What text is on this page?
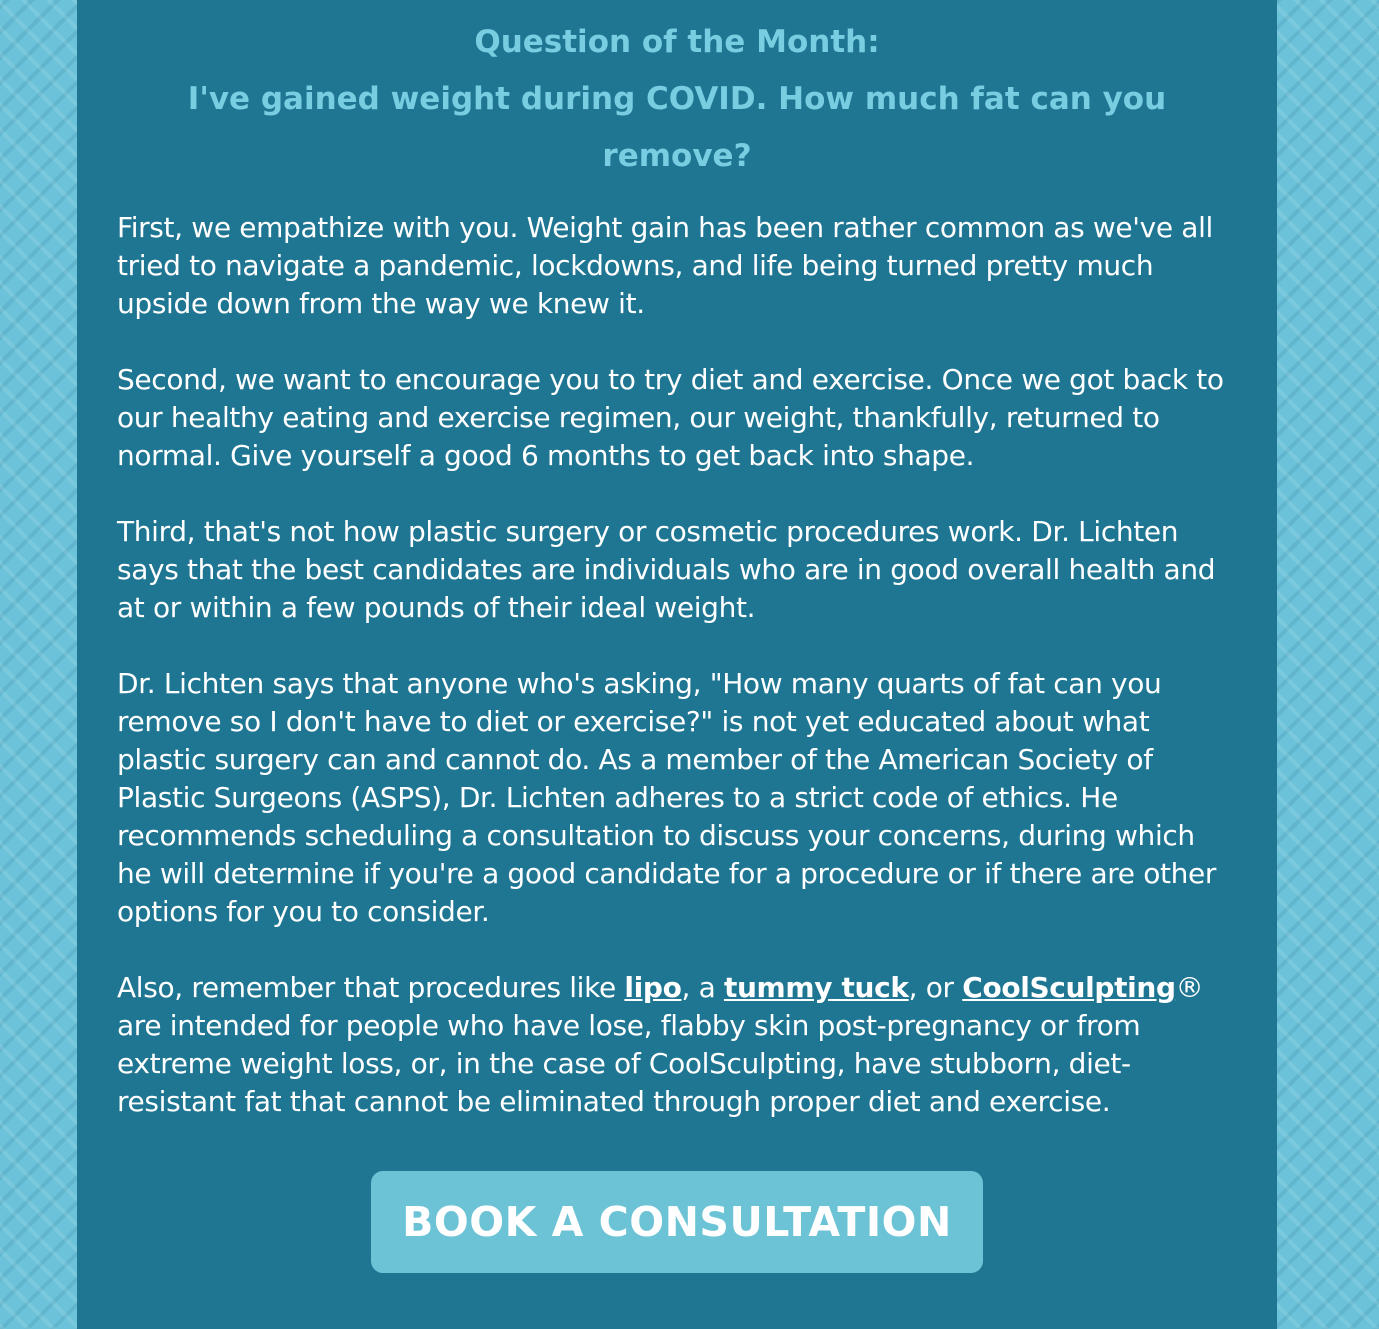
Question of the Month:
I've gained weight during COVID. How much fat can you remove?

First, we empathize with you. Weight gain has been rather common as we've all tried to navigate a pandemic, lockdowns, and life being turned pretty much upside down from the way we knew it.

Second, we want to encourage you to try diet and exercise. Once we got back to our healthy eating and exercise regimen, our weight, thankfully, returned to normal. Give yourself a good 6 months to get back into shape.

Third, that's not how plastic surgery or cosmetic procedures work. Dr. Lichten says that the best candidates are individuals who are in good overall health and at or within a few pounds of their ideal weight.

Dr. Lichten says that anyone who's asking, "How many quarts of fat can you remove so I don't have to diet or exercise?" is not yet educated about what plastic surgery can and cannot do. As a member of the American Society of Plastic Surgeons (ASPS), Dr. Lichten adheres to a strict code of ethics. He recommends scheduling a consultation to discuss your concerns, during which he will determine if you're a good candidate for a procedure or if there are other options for you to consider.

Also, remember that procedures like lipo, a tummy tuck, or CoolSculpting® are intended for people who have lose, flabby skin post-pregnancy or from extreme weight loss, or, in the case of CoolSculpting, have stubborn, diet-resistant fat that cannot be eliminated through proper diet and exercise.

BOOK A CONSULTATION
